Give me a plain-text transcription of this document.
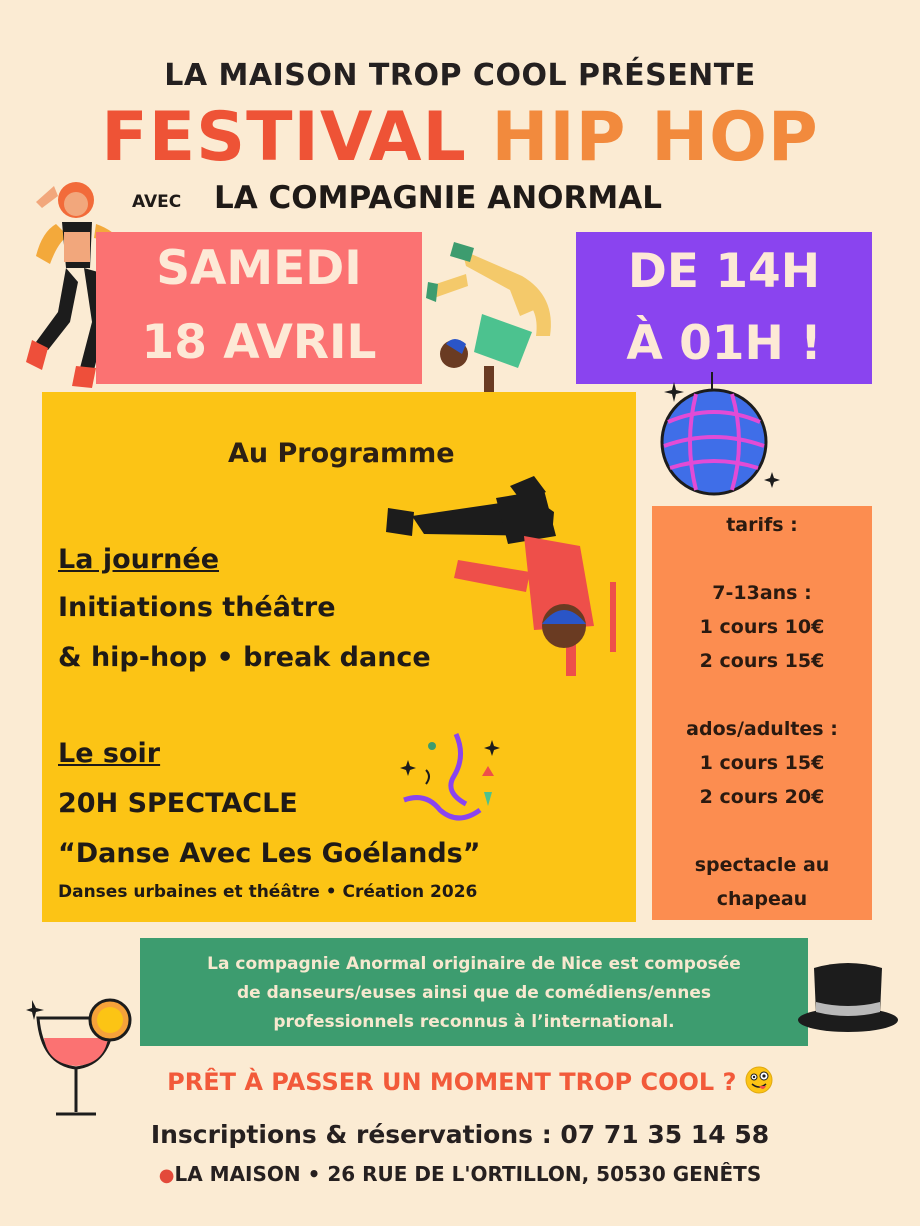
LA MAISON TROP COOL PRÉSENTE
FESTIVAL HIP HOP
AVEC LA COMPAGNIE ANORMAL
SAMEDI
18 AVRIL
DE 14H
À 01H !
Au Programme
La journée
Initiations théâtre
& hip-hop • break dance
Le soir
20H SPECTACLE
“Danse Avec Les Goélands”
Danses urbaines et théâtre • Création 2026
tarifs :
7-13ans :
1 cours 10€
2 cours 15€
ados/adultes :
1 cours 15€
2 cours 20€
spectacle au
chapeau
La compagnie Anormal originaire de Nice est composée
de danseurs/euses ainsi que de comédiens/ennes
professionnels reconnus à l’international.
PRÊT À PASSER UN MOMENT TROP COOL ?
Inscriptions & réservations : 07 71 35 14 58
●LA MAISON • 26 RUE DE L'ORTILLON, 50530 GENÊTS
